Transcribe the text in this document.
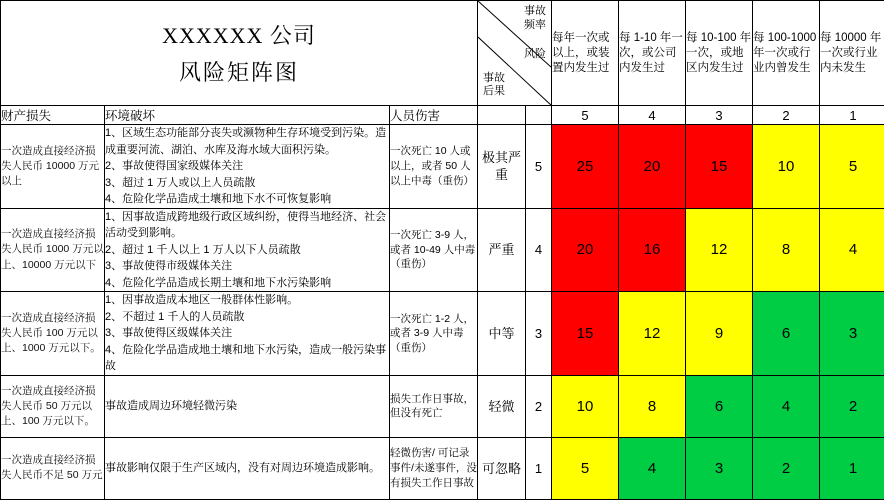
XXXXXX 公司
风险矩阵图

事故
频率
风险
事故
后果
	每年一次或以上，或装置内发生过	每 1-10 年一次，或公司内发生过	每 10-100 年一次，或地区内发生过	每 100-1000 年一次或行业内曾发生	每 10000 年一次或行业内未发生
财产损失	环境破坏	人员伤害			5	4	3	2	1
一次造成直接经济损失人民币 10000 万元以上	1、区域生态功能部分丧失或濒物种生存环境受到污染。造成重要河流、湖泊、水库及海水域大面积污染。
2、事故使得国家级媒体关注
3、超过 1 万人或以上人员疏散
4、危险化学品造成土壤和地下水不可恢复影响	一次死亡 10 人或以上，或者 50 人以上中毒（重伤）	极其严重	5	25	20	15	10	5
一次造成直接经济损失人民币 1000 万元以上、10000 万元以下	1、因事故造成跨地级行政区域纠纷，使得当地经济、社会活动受到影响。
2、超过 1 千人以上 1 万人以下人员疏散
3、事故使得市级媒体关注
4、危险化学品造成长期土壤和地下水污染影响	一次死亡 3-9 人，或者 10-49 人中毒（重伤）	严重	4	20	16	12	8	4
一次造成直接经济损失人民币 100 万元以上、1000 万元以下。	1、因事故造成本地区一般群体性影响。
2、不超过 1 千人的人员疏散
3、事故使得区级媒体关注
4、危险化学品造成地土壤和地下水污染，造成一般污染事故	一次死亡 1-2 人，或者 3-9 人中毒（重伤）	中等	3	15	12	9	6	3
一次造成直接经济损失人民币 50 万元以上、100 万元以下。	事故造成周边环境轻微污染	损失工作日事故，但没有死亡	轻微	2	10	8	6	4	2
一次造成直接经济损失人民币不足 50 万元	事故影响仅限于生产区域内，没有对周边环境造成影响。	轻微伤害/ 可记录事件/未遂事件，没有损失工作日事故	可忽略	1	5	4	3	2	1
